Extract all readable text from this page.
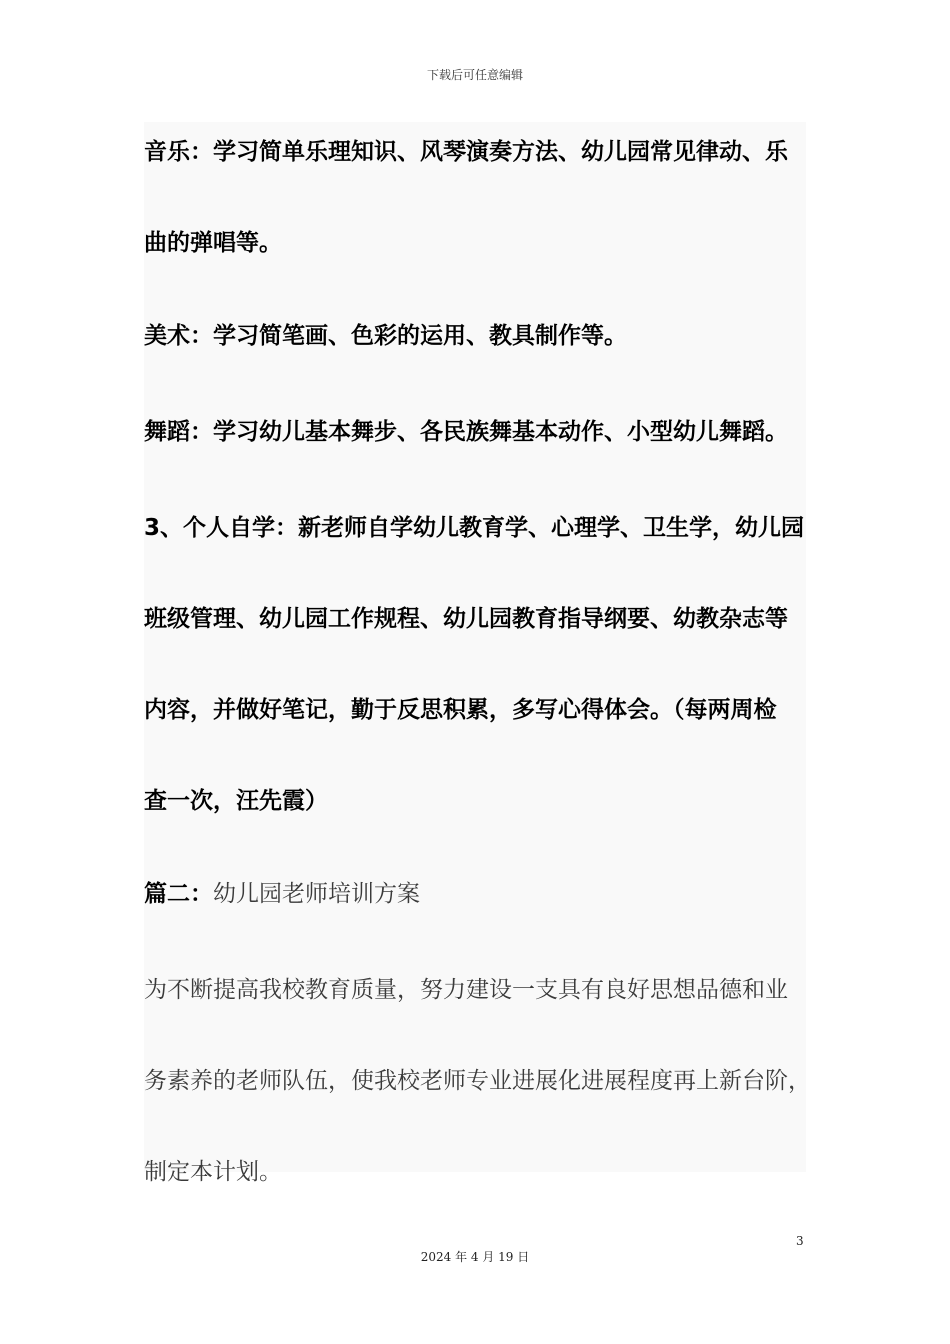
下载后可任意编辑

音乐：学习简单乐理知识、风琴演奏方法、幼儿园常见律动、乐

曲的弹唱等。

美术：学习简笔画、色彩的运用、教具制作等。

舞蹈：学习幼儿基本舞步、各民族舞基本动作、小型幼儿舞蹈。

3、个人自学：新老师自学幼儿教育学、心理学、卫生学，幼儿园

班级管理、幼儿园工作规程、幼儿园教育指导纲要、幼教杂志等

内容，并做好笔记，勤于反思积累，多写心得体会。（每两周检

查一次，汪先霞）

篇二：幼儿园老师培训方案

为不断提高我校教育质量，努力建设一支具有良好思想品德和业

务素养的老师队伍，使我校老师专业进展化进展程度再上新台阶，

制定本计划。

3
2024 年 4 月 19 日
